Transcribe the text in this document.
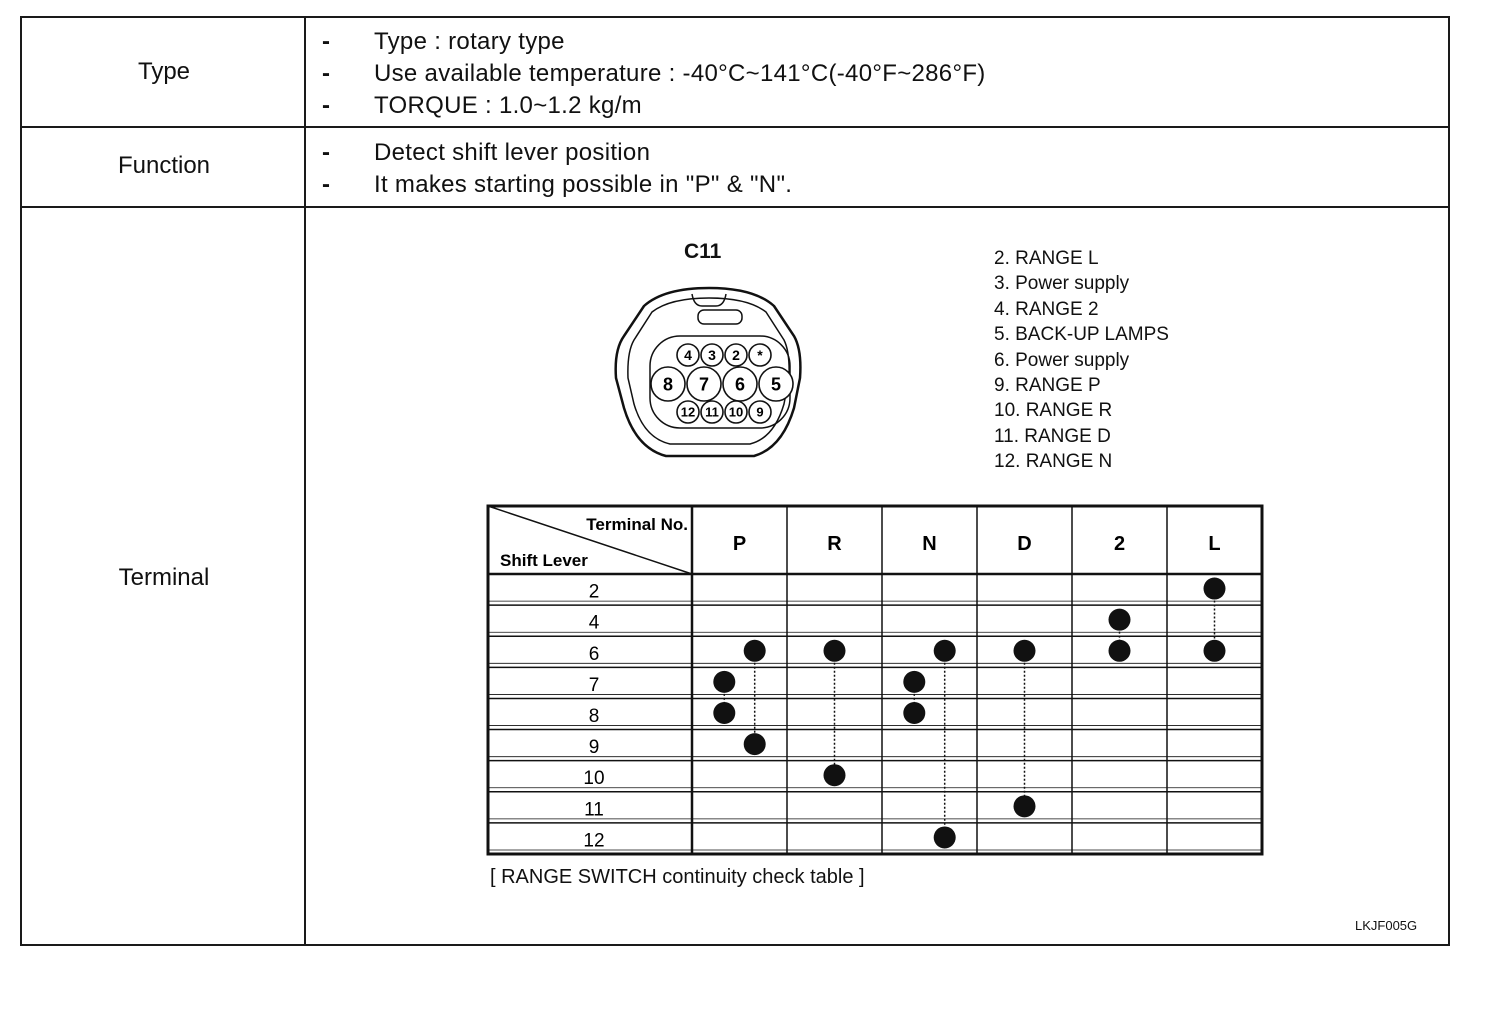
Type
- Type : rotary type
- Use available temperature : -40°C~141°C(-40°F~286°F)
- TORQUE : 1.0~1.2 kg/m
Function
-	Detect shift lever position
- It makes starting possible in "P" & "N".
Terminal
C11
4 3 2 *
8 7 6 5
12 11 10 9
2. RANGE L
3. Power supply
4. RANGE 2
5. BACK-UP LAMPS
6. Power supply
9. RANGE P
10. RANGE R
11. RANGE D
12. RANGE N
Terminal No.
Shift Lever
P	R	N	D	2	L
2
4
6
7
8
9
10
11
12
[ RANGE SWITCH continuity check table ]
LKJF005G
